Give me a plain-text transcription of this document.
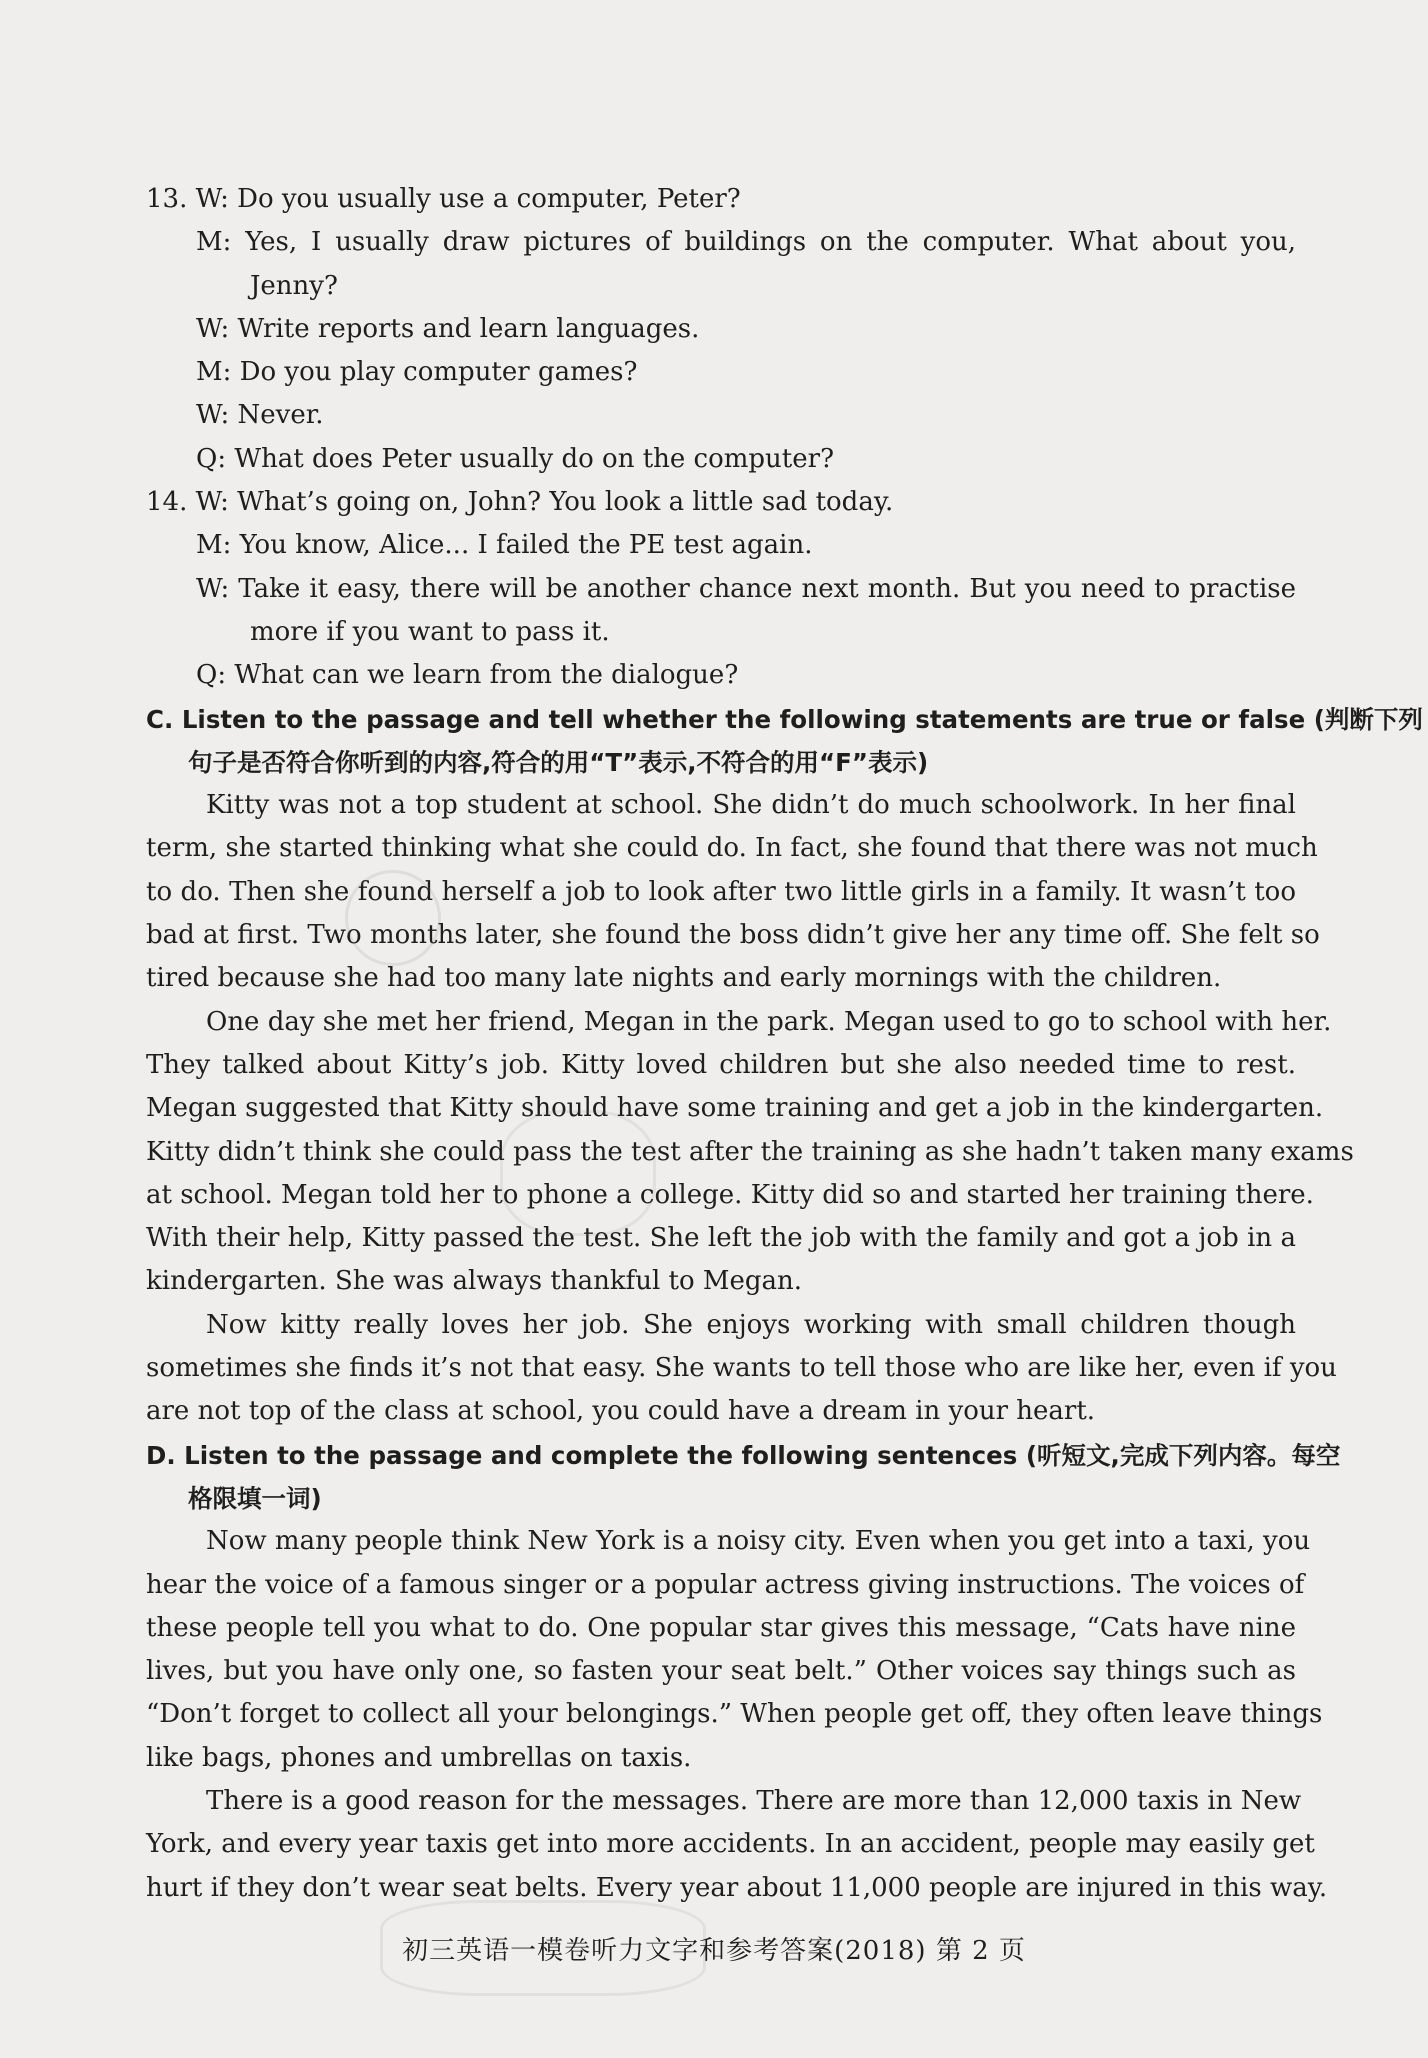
13. W: Do you usually use a computer, Peter?
M: Yes, I usually draw pictures of buildings on the computer. What about you,
Jenny?
W: Write reports and learn languages.
M: Do you play computer games?
W: Never.
Q: What does Peter usually do on the computer?
14. W: What’s going on, John? You look a little sad today.
M: You know, Alice... I failed the PE test again.
W: Take it easy, there will be another chance next month. But you need to practise
more if you want to pass it.
Q: What can we learn from the dialogue?
C. Listen to the passage and tell whether the following statements are true or false (判断下列
句子是否符合你听到的内容,符合的用“T”表示,不符合的用“F”表示)
Kitty was not a top student at school. She didn’t do much schoolwork. In her final
term, she started thinking what she could do. In fact, she found that there was not much
to do. Then she found herself a job to look after two little girls in a family. It wasn’t too
bad at first. Two months later, she found the boss didn’t give her any time off. She felt so
tired because she had too many late nights and early mornings with the children.
One day she met her friend, Megan in the park. Megan used to go to school with her.
They talked about Kitty’s job. Kitty loved children but she also needed time to rest.
Megan suggested that Kitty should have some training and get a job in the kindergarten.
Kitty didn’t think she could pass the test after the training as she hadn’t taken many exams
at school. Megan told her to phone a college. Kitty did so and started her training there.
With their help, Kitty passed the test. She left the job with the family and got a job in a
kindergarten. She was always thankful to Megan.
Now kitty really loves her job. She enjoys working with small children though
sometimes she finds it’s not that easy. She wants to tell those who are like her, even if you
are not top of the class at school, you could have a dream in your heart.
D. Listen to the passage and complete the following sentences (听短文,完成下列内容。每空
格限填一词)
Now many people think New York is a noisy city. Even when you get into a taxi, you
hear the voice of a famous singer or a popular actress giving instructions. The voices of
these people tell you what to do. One popular star gives this message, “Cats have nine
lives, but you have only one, so fasten your seat belt.” Other voices say things such as
“Don’t forget to collect all your belongings.” When people get off, they often leave things
like bags, phones and umbrellas on taxis.
There is a good reason for the messages. There are more than 12,000 taxis in New
York, and every year taxis get into more accidents. In an accident, people may easily get
hurt if they don’t wear seat belts. Every year about 11,000 people are injured in this way.
初三英语一模卷听力文字和参考答案(2018) 第 2 页
